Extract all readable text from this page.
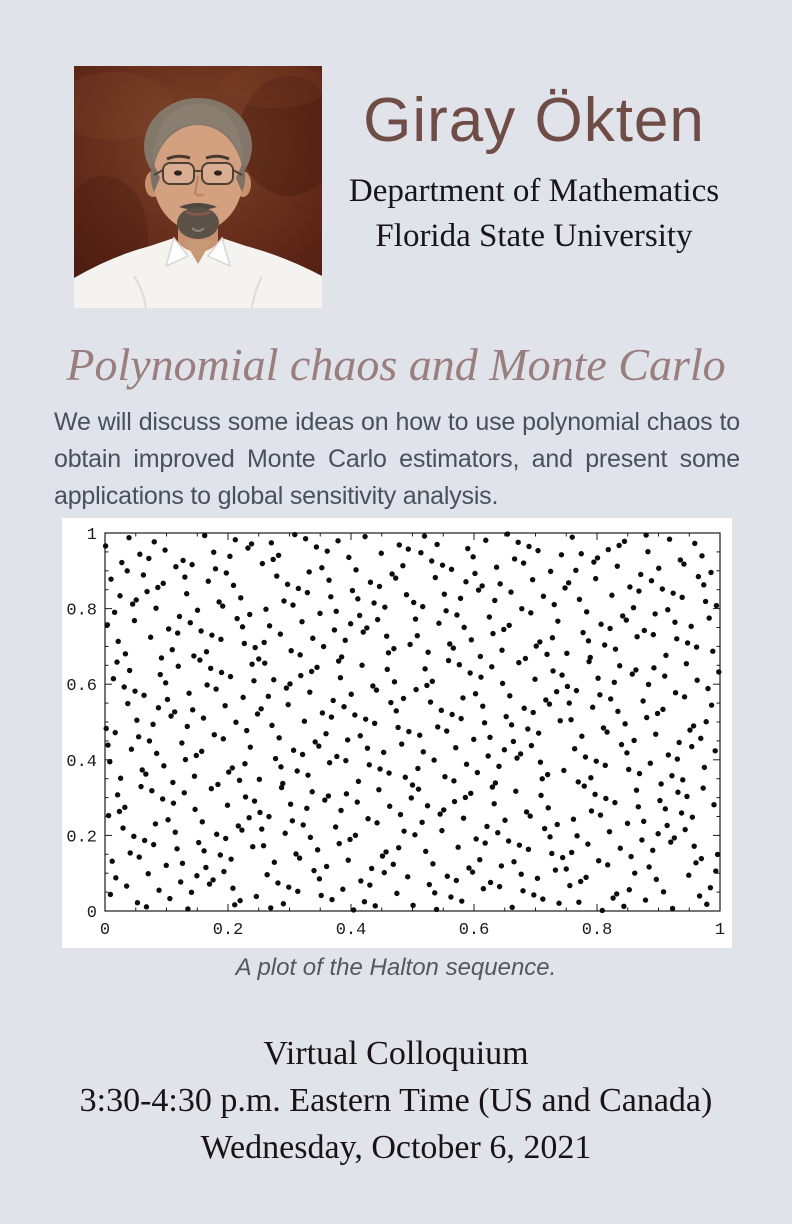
Giray Ökten
Department of Mathematics
Florida State University
Polynomial chaos and Monte Carlo
We will discuss some ideas on how to use polynomial chaos to obtain improved Monte Carlo estimators, and present some applications to global sensitivity analysis.
0	0.2	0.4	0.6	0.8	1
0
0.2
0.4
0.6
0.8
1
A plot of the Halton sequence.
Virtual Colloquium
3:30-4:30 p.m. Eastern Time (US and Canada)
Wednesday, October 6, 2021
